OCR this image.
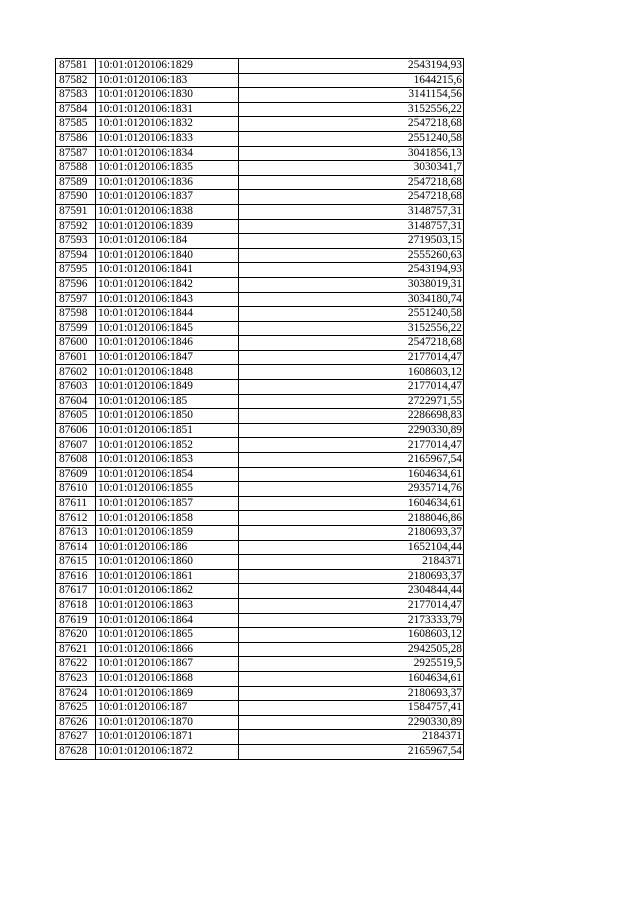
87581	10:01:0120106:1829	2543194,93
87582	10:01:0120106:183	1644215,6
87583	10:01:0120106:1830	3141154,56
87584	10:01:0120106:1831	3152556,22
87585	10:01:0120106:1832	2547218,68
87586	10:01:0120106:1833	2551240,58
87587	10:01:0120106:1834	3041856,13
87588	10:01:0120106:1835	3030341,7
87589	10:01:0120106:1836	2547218,68
87590	10:01:0120106:1837	2547218,68
87591	10:01:0120106:1838	3148757,31
87592	10:01:0120106:1839	3148757,31
87593	10:01:0120106:184	2719503,15
87594	10:01:0120106:1840	2555260,63
87595	10:01:0120106:1841	2543194,93
87596	10:01:0120106:1842	3038019,31
87597	10:01:0120106:1843	3034180,74
87598	10:01:0120106:1844	2551240,58
87599	10:01:0120106:1845	3152556,22
87600	10:01:0120106:1846	2547218,68
87601	10:01:0120106:1847	2177014,47
87602	10:01:0120106:1848	1608603,12
87603	10:01:0120106:1849	2177014,47
87604	10:01:0120106:185	2722971,55
87605	10:01:0120106:1850	2286698,83
87606	10:01:0120106:1851	2290330,89
87607	10:01:0120106:1852	2177014,47
87608	10:01:0120106:1853	2165967,54
87609	10:01:0120106:1854	1604634,61
87610	10:01:0120106:1855	2935714,76
87611	10:01:0120106:1857	1604634,61
87612	10:01:0120106:1858	2188046,86
87613	10:01:0120106:1859	2180693,37
87614	10:01:0120106:186	1652104,44
87615	10:01:0120106:1860	2184371
87616	10:01:0120106:1861	2180693,37
87617	10:01:0120106:1862	2304844,44
87618	10:01:0120106:1863	2177014,47
87619	10:01:0120106:1864	2173333,79
87620	10:01:0120106:1865	1608603,12
87621	10:01:0120106:1866	2942505,28
87622	10:01:0120106:1867	2925519,5
87623	10:01:0120106:1868	1604634,61
87624	10:01:0120106:1869	2180693,37
87625	10:01:0120106:187	1584757,41
87626	10:01:0120106:1870	2290330,89
87627	10:01:0120106:1871	2184371
87628	10:01:0120106:1872	2165967,54
